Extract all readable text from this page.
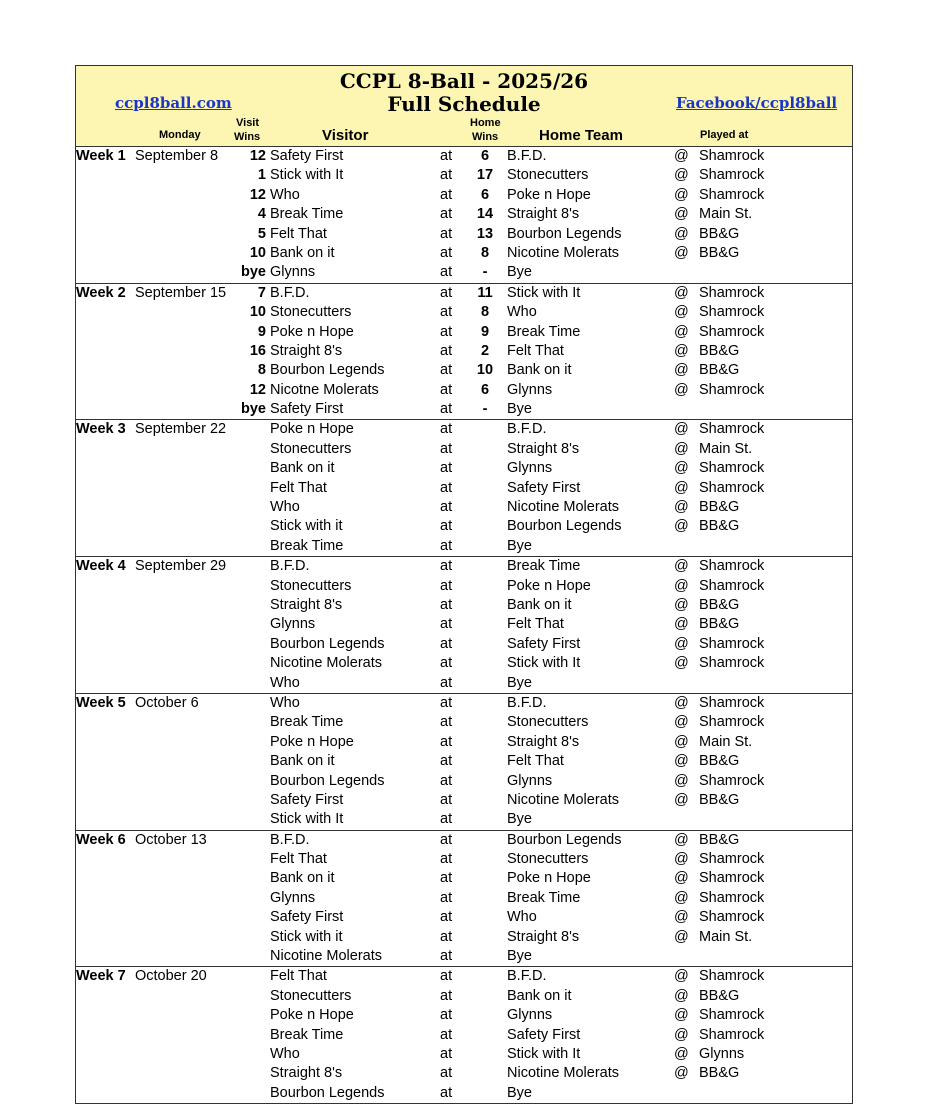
CCPL 8-Ball - 2025/26
Full Schedule
ccpl8ball.com	Facebook/ccpl8ball
Monday
Visit
Wins	Visitor
Home
Wins	Home Team	Played at
Week 1 September 8	12 Safety First	at	6	B.F.D.	@ Shamrock
1 Stick with It	at	17 Stonecutters	@ Shamrock
12 Who	at	6	Poke n Hope	@ Shamrock
4 Break Time	at	14 Straight 8's	@ Main St.
5 Felt That	at	13 Bourbon Legends	@ BB&G
10 Bank on it	at	8	Nicotine Molerats	@ BB&G
bye Glynns	at	-	Bye
Week 2 September 15	7 B.F.D.	at	11 Stick with It	@ Shamrock
10 Stonecutters	at	8	Who	@ Shamrock
9 Poke n Hope	at	9	Break Time	@ Shamrock
16 Straight 8's	at	2	Felt That	@ BB&G
8 Bourbon Legends	at	10 Bank on it	@ BB&G
12 Nicotne Molerats	at	6	Glynns	@ Shamrock
bye Safety First	at	-	Bye
Week 3 September 22	Poke n Hope	at	B.F.D.	@ Shamrock
Stonecutters	at	Straight 8's	@ Main St.
Bank on it	at	Glynns	@ Shamrock
Felt That	at	Safety First	@ Shamrock
Who	at	Nicotine Molerats	@ BB&G
Stick with it	at	Bourbon Legends	@ BB&G
Break Time	at	Bye
Week 4 September 29	B.F.D.	at	Break Time	@ Shamrock
Stonecutters	at	Poke n Hope	@ Shamrock
Straight 8's	at	Bank on it	@ BB&G
Glynns	at	Felt That	@ BB&G
Bourbon Legends	at	Safety First	@ Shamrock
Nicotine Molerats	at	Stick with It	@ Shamrock
Who	at	Bye
Week 5 October 6	Who	at	B.F.D.	@ Shamrock
Break Time	at	Stonecutters	@ Shamrock
Poke n Hope	at	Straight 8's	@ Main St.
Bank on it	at	Felt That	@ BB&G
Bourbon Legends	at	Glynns	@ Shamrock
Safety First	at	Nicotine Molerats	@ BB&G
Stick with It	at	Bye
Week 6 October 13	B.F.D.	at	Bourbon Legends	@ BB&G
Felt That	at	Stonecutters	@ Shamrock
Bank on it	at	Poke n Hope	@ Shamrock
Glynns	at	Break Time	@ Shamrock
Safety First	at	Who	@ Shamrock
Stick with it	at	Straight 8's	@ Main St.
Nicotine Molerats	at	Bye
Week 7 October 20	Felt That	at	B.F.D.	@ Shamrock
Stonecutters	at	Bank on it	@ BB&G
Poke n Hope	at	Glynns	@ Shamrock
Break Time	at	Safety First	@ Shamrock
Who	at	Stick with It	@ Glynns
Straight 8's	at	Nicotine Molerats	@ BB&G
Bourbon Legends	at	Bye
